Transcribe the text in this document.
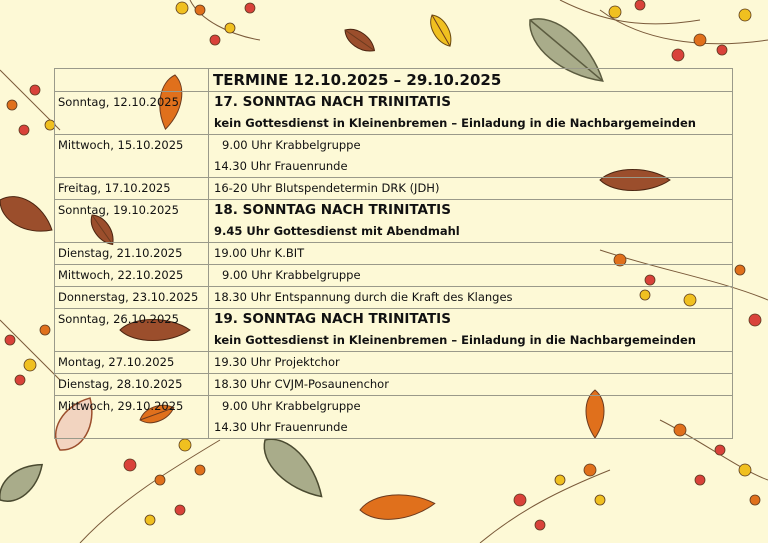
	TERMINE 12.10.2025 – 29.10.2025
Sonntag, 12.10.2025	17. SONNTAG NACH TRINITATIS
kein Gottesdienst in Kleinenbremen – Einladung in die Nachbargemeinden

Mittwoch, 15.10.2025	9.00 Uhr Krabbelgruppe
14.30 Uhr Frauenrunde

Freitag, 17.10.2025	16-20 Uhr Blutspendetermin DRK (JDH)

Sonntag, 19.10.2025	18. SONNTAG NACH TRINITATIS
9.45 Uhr Gottesdienst mit Abendmahl

Dienstag, 21.10.2025	19.00 Uhr K.BIT

Mittwoch, 22.10.2025	9.00 Uhr Krabbelgruppe

Donnerstag, 23.10.2025	18.30 Uhr Entspannung durch die Kraft des Klanges

Sonntag, 26.10.2025	19. SONNTAG NACH TRINITATIS
kein Gottesdienst in Kleinenbremen – Einladung in die Nachbargemeinden

Montag, 27.10.2025	19.30 Uhr Projektchor

Dienstag, 28.10.2025	18.30 Uhr CVJM-Posaunenchor

Mittwoch, 29.10.2025	9.00 Uhr Krabbelgruppe
14.30 Uhr Frauenrunde
